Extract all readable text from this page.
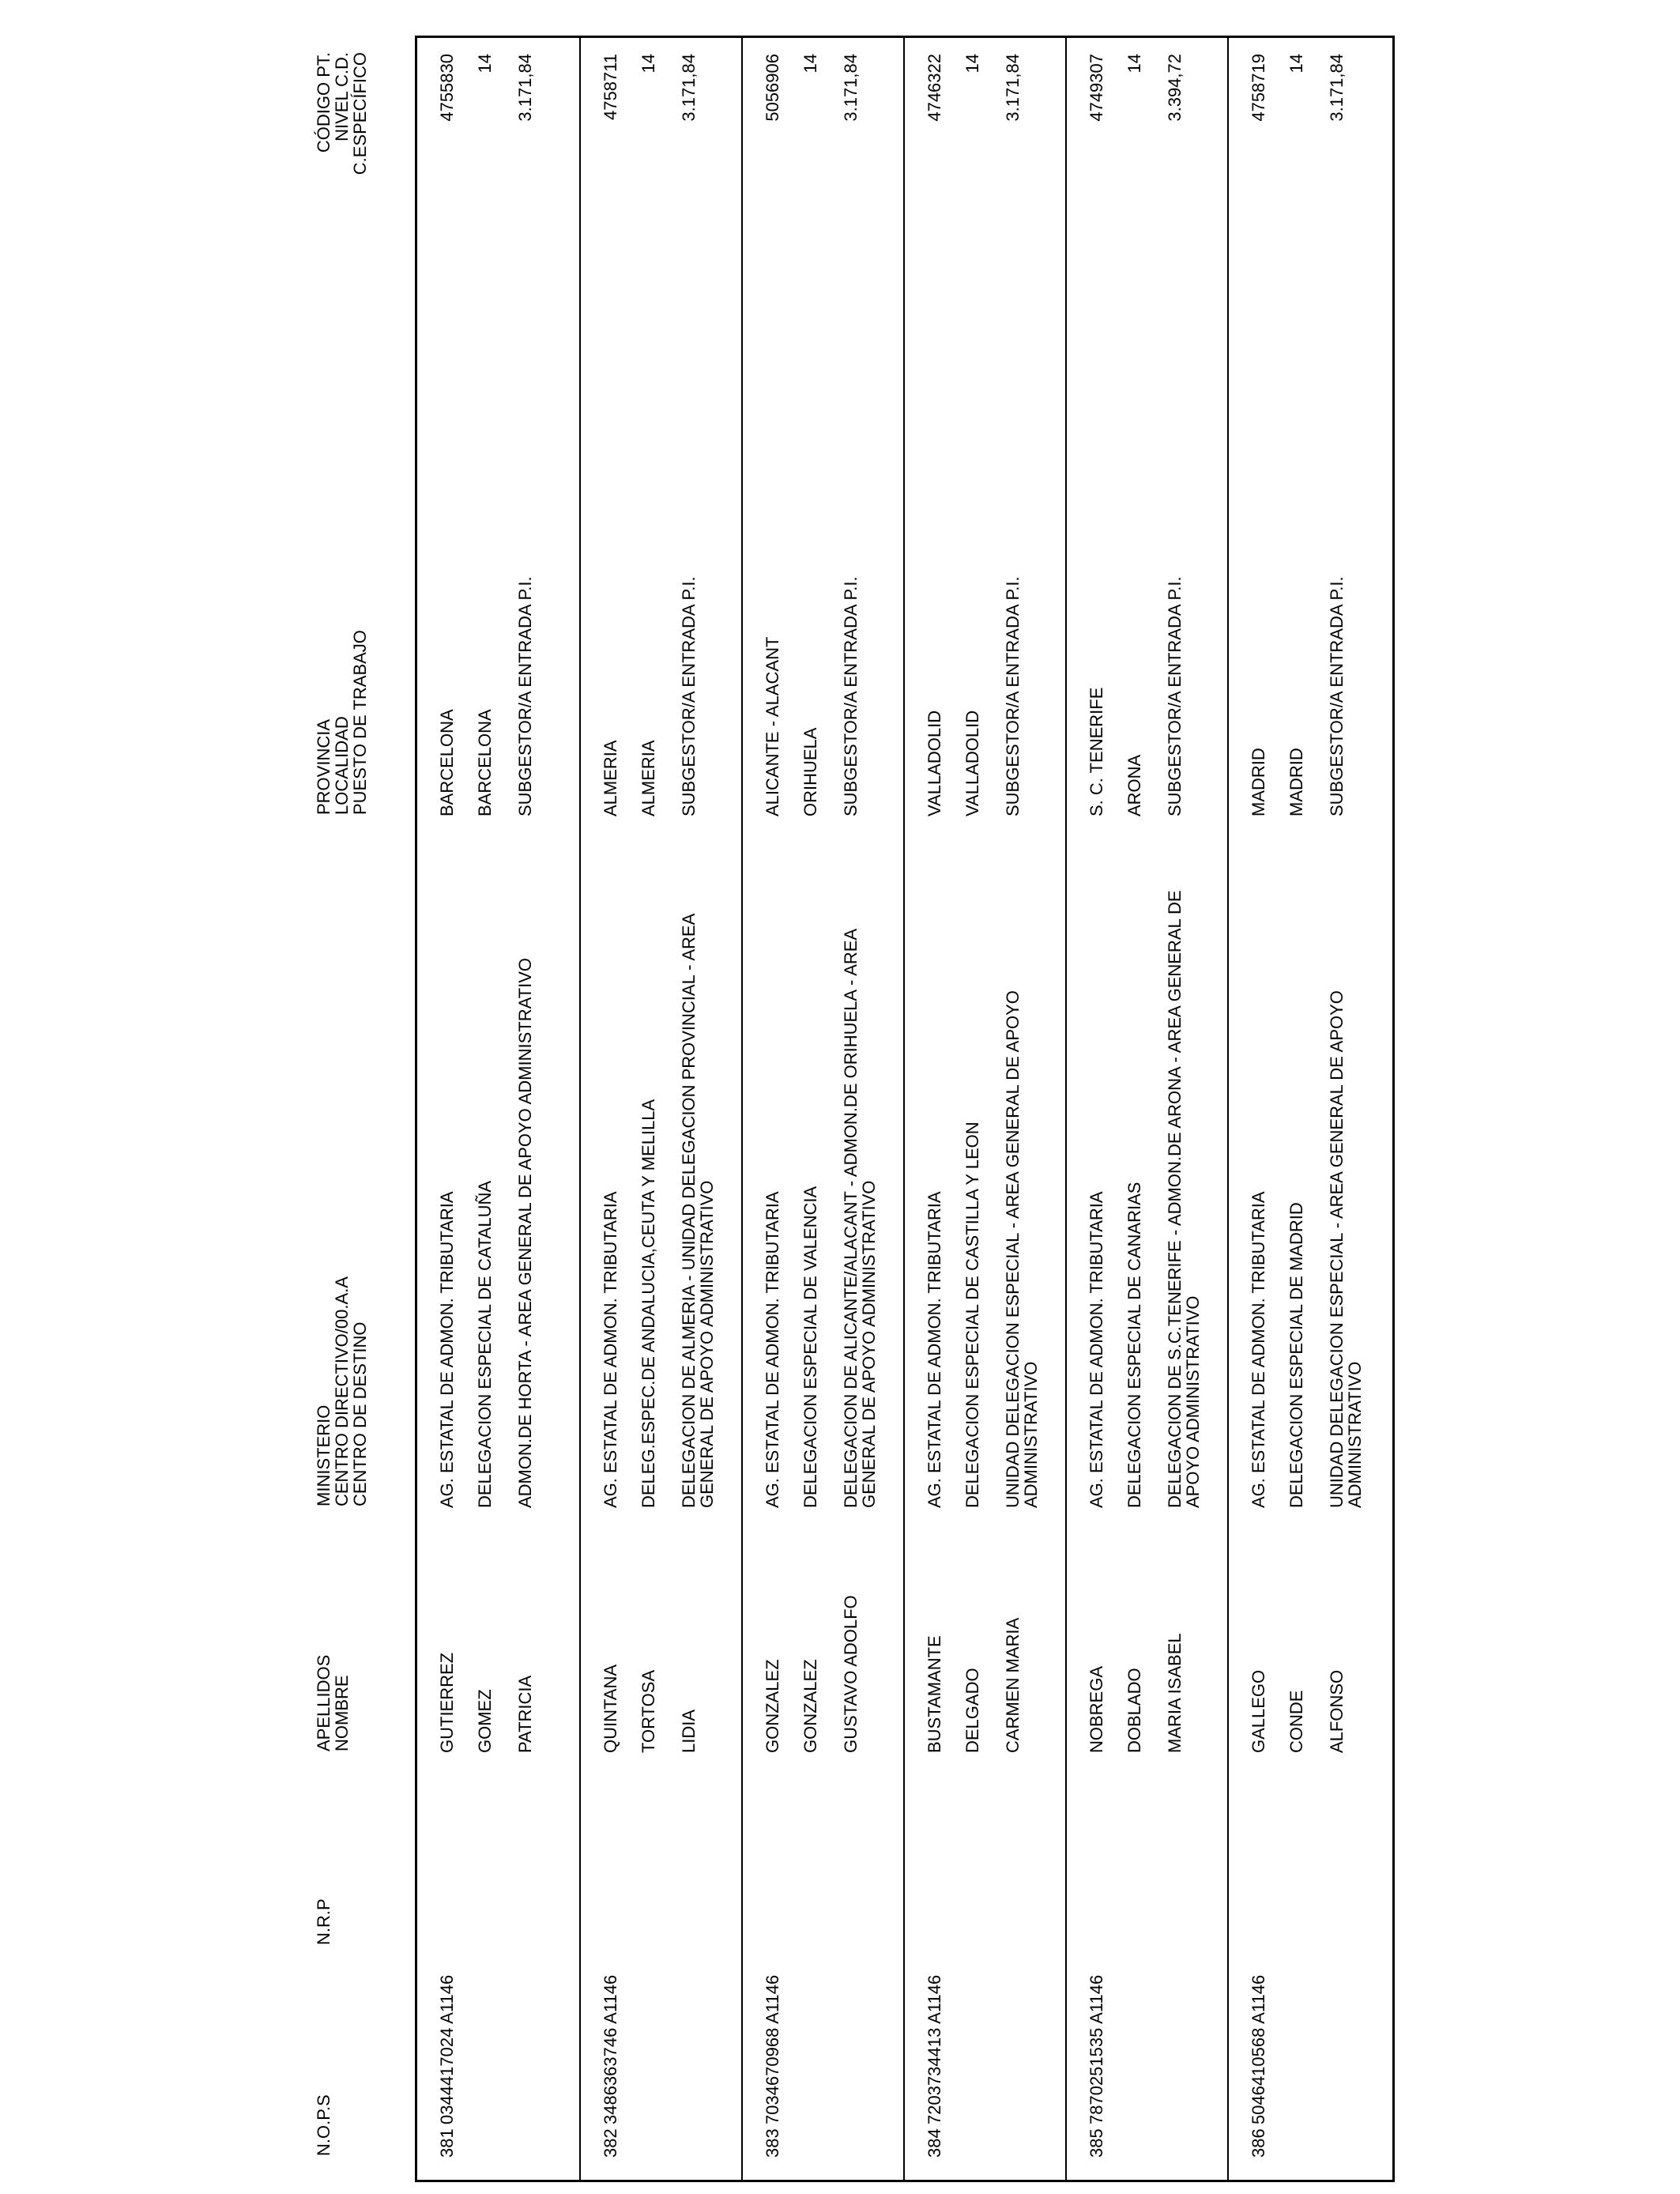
N.O.P.S
N.R.P
APELLIDOS
NOMBRE
MINISTERIO
CENTRO DIRECTIVO/00.A.A
CENTRO DE DESTINO
PROVINCIA
LOCALIDAD
PUESTO DE TRABAJO
CÓDIGO PT.
NIVEL C.D.
C.ESPECÍFICO
381
0344417024 A1146
GUTIERREZ GOMEZ PATRICIA
AG. ESTATAL DE ADMON. TRIBUTARIA DELEGACION ESPECIAL DE CATALUÑA ADMON.DE HORTA - AREA GENERAL DE APOYO ADMINISTRATIVO
BARCELONA BARCELONA SUBGESTOR/A ENTRADA P.I.
4755830 14 3.171,84
382
3486363746 A1146
QUINTANA TORTOSA LIDIA
AG. ESTATAL DE ADMON. TRIBUTARIA DELEG.ESPEC.DE ANDALUCIA,CEUTA Y MELILLA DELEGACION DE ALMERIA - UNIDAD DELEGACION PROVINCIAL - AREA GENERAL DE APOYO ADMINISTRATIVO
ALMERIA ALMERIA SUBGESTOR/A ENTRADA P.I.
4758711 14 3.171,84
383
7034670968 A1146
GONZALEZ GONZALEZ GUSTAVO ADOLFO
AG. ESTATAL DE ADMON. TRIBUTARIA DELEGACION ESPECIAL DE VALENCIA DELEGACION DE ALICANTE/ALACANT - ADMON.DE ORIHUELA - AREA GENERAL DE APOYO ADMINISTRATIVO
ALICANTE - ALACANT ORIHUELA SUBGESTOR/A ENTRADA P.I.
5056906 14 3.171,84
384
7203734413 A1146
BUSTAMANTE DELGADO CARMEN MARIA
AG. ESTATAL DE ADMON. TRIBUTARIA DELEGACION ESPECIAL DE CASTILLA Y LEON UNIDAD DELEGACION ESPECIAL - AREA GENERAL DE APOYO ADMINISTRATIVO
VALLADOLID VALLADOLID SUBGESTOR/A ENTRADA P.I.
4746322 14 3.171,84
385
7870251535 A1146
NOBREGA DOBLADO MARIA ISABEL
AG. ESTATAL DE ADMON. TRIBUTARIA DELEGACION ESPECIAL DE CANARIAS DELEGACION DE S.C.TENERIFE - ADMON.DE ARONA - AREA GENERAL DE APOYO ADMINISTRATIVO
S. C. TENERIFE ARONA SUBGESTOR/A ENTRADA P.I.
4749307 14 3.394,72
386
5046410568 A1146
GALLEGO CONDE ALFONSO
AG. ESTATAL DE ADMON. TRIBUTARIA DELEGACION ESPECIAL DE MADRID UNIDAD DELEGACION ESPECIAL - AREA GENERAL DE APOYO ADMINISTRATIVO
MADRID MADRID SUBGESTOR/A ENTRADA P.I.
4758719 14 3.171,84
